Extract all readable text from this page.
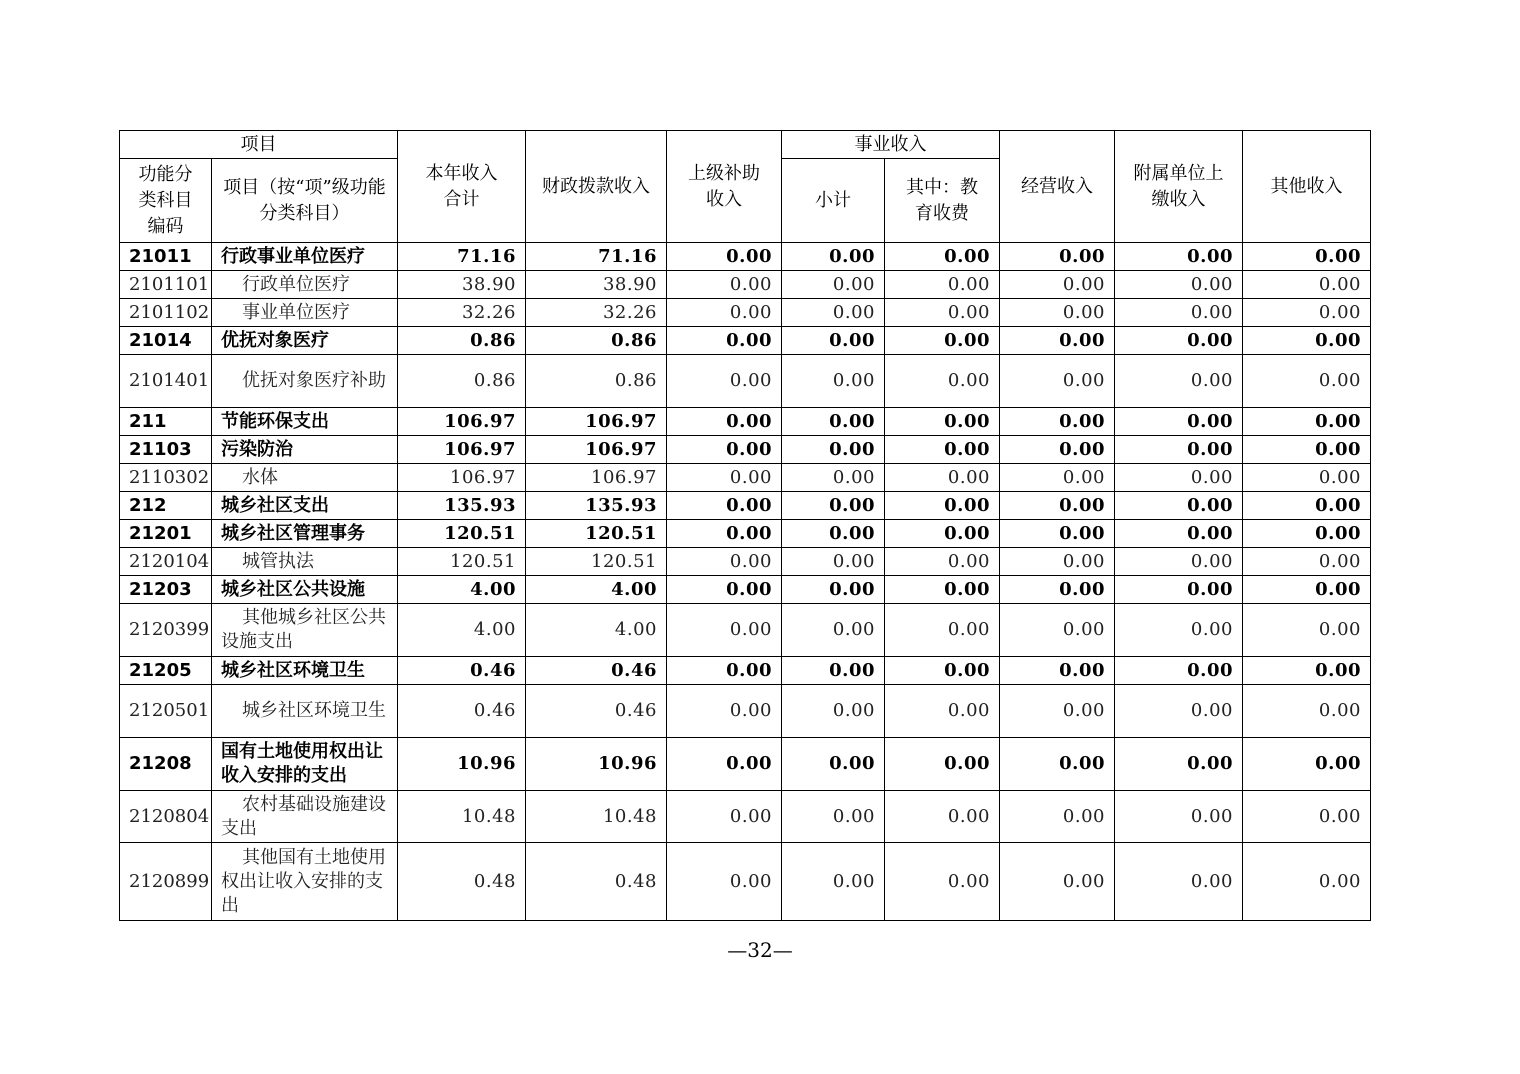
项目		本年收入合计	财政拨款收入	上级补助收入	事业收入		经营收入	附属单位上缴收入	其他收入
功能分类科目编码	项目（按“项”级功能分类科目）				小计	其中：教育收费			
21011	行政事业单位医疗	71.16	71.16	0.00	0.00	0.00	0.00	0.00	0.00
2101101	行政单位医疗	38.90	38.90	0.00	0.00	0.00	0.00	0.00	0.00
2101102	事业单位医疗	32.26	32.26	0.00	0.00	0.00	0.00	0.00	0.00
21014	优抚对象医疗	0.86	0.86	0.00	0.00	0.00	0.00	0.00	0.00
2101401	优抚对象医疗补助	0.86	0.86	0.00	0.00	0.00	0.00	0.00	0.00
211	节能环保支出	106.97	106.97	0.00	0.00	0.00	0.00	0.00	0.00
21103	污染防治	106.97	106.97	0.00	0.00	0.00	0.00	0.00	0.00
2110302	水体	106.97	106.97	0.00	0.00	0.00	0.00	0.00	0.00
212	城乡社区支出	135.93	135.93	0.00	0.00	0.00	0.00	0.00	0.00
21201	城乡社区管理事务	120.51	120.51	0.00	0.00	0.00	0.00	0.00	0.00
2120104	城管执法	120.51	120.51	0.00	0.00	0.00	0.00	0.00	0.00
21203	城乡社区公共设施	4.00	4.00	0.00	0.00	0.00	0.00	0.00	0.00
2120399	其他城乡社区公共设施支出	4.00	4.00	0.00	0.00	0.00	0.00	0.00	0.00
21205	城乡社区环境卫生	0.46	0.46	0.00	0.00	0.00	0.00	0.00	0.00
2120501	城乡社区环境卫生	0.46	0.46	0.00	0.00	0.00	0.00	0.00	0.00
21208	国有土地使用权出让收入安排的支出	10.96	10.96	0.00	0.00	0.00	0.00	0.00	0.00
2120804	农村基础设施建设支出	10.48	10.48	0.00	0.00	0.00	0.00	0.00	0.00
2120899	其他国有土地使用权出让收入安排的支出	0.48	0.48	0.00	0.00	0.00	0.00	0.00	0.00
—32—
